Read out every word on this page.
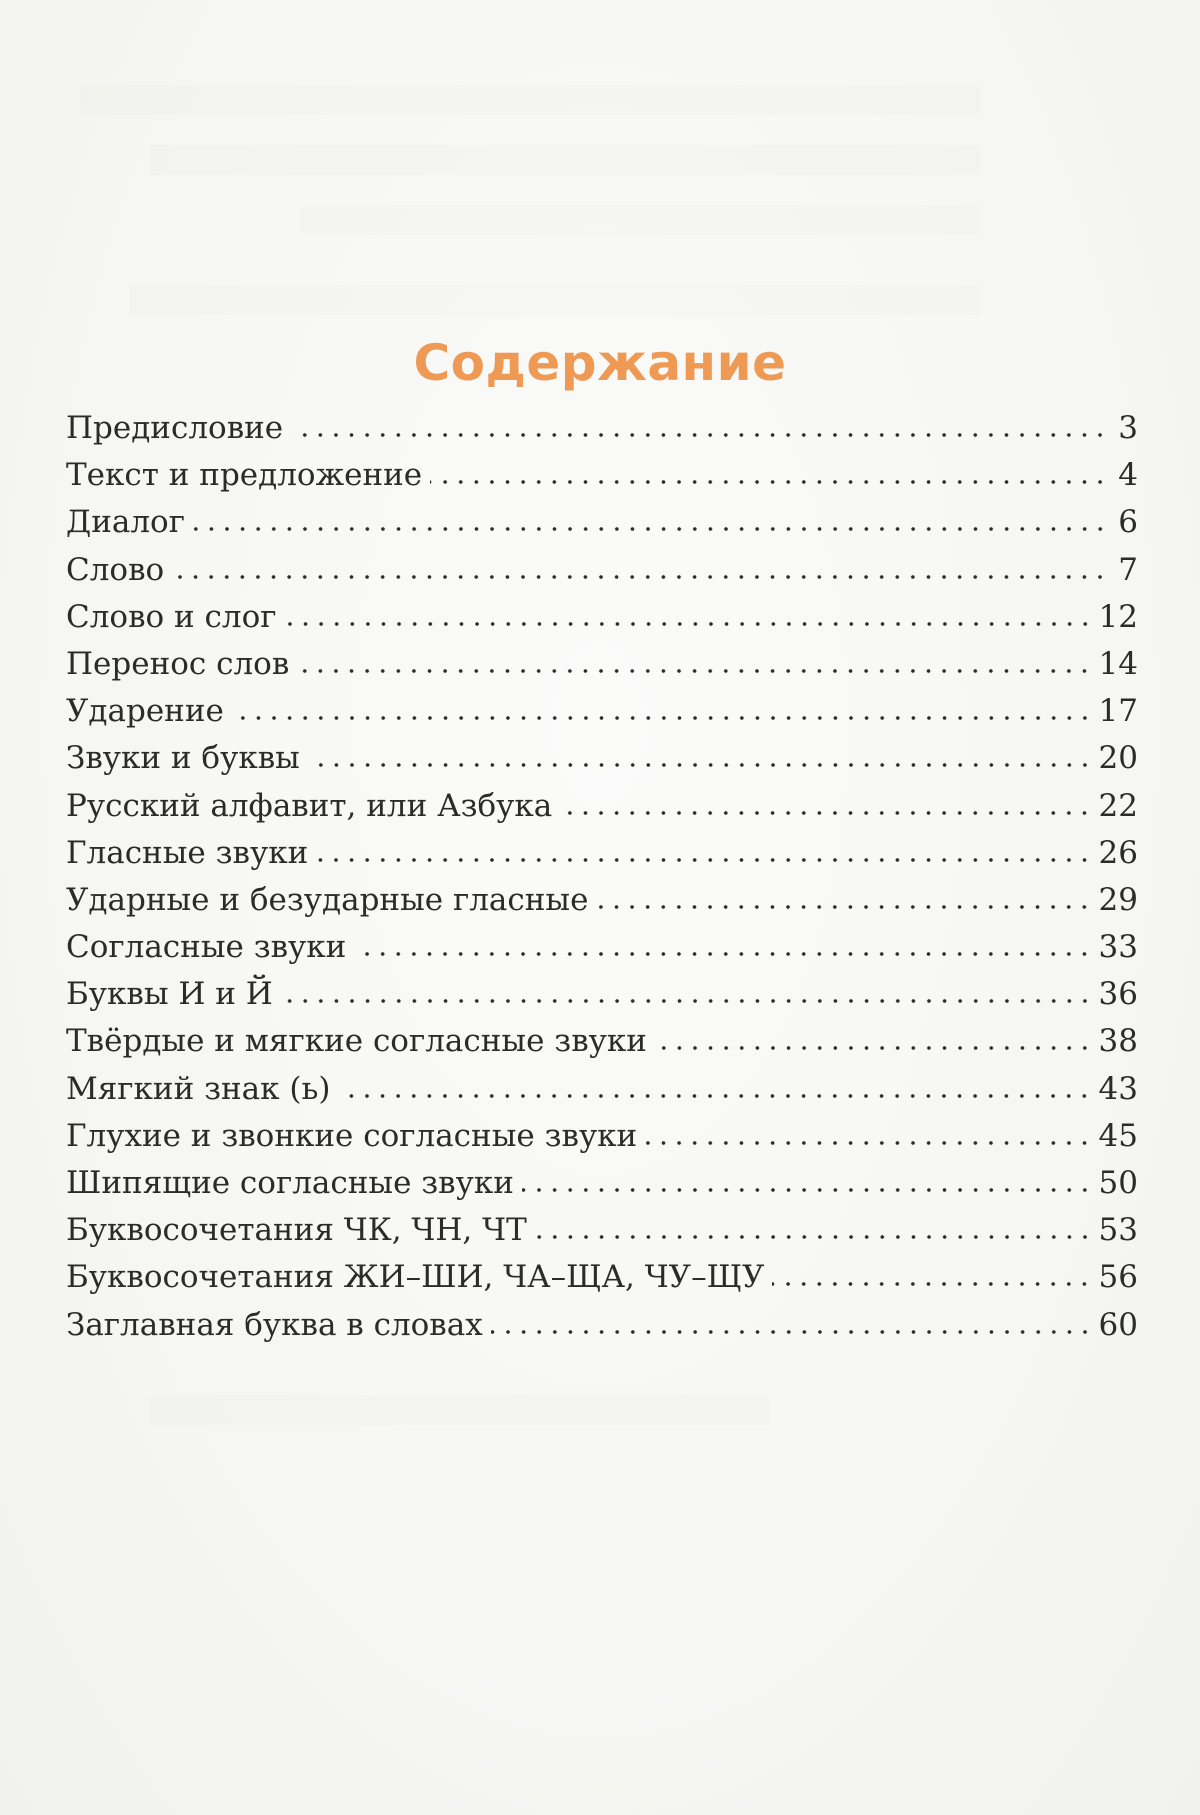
Содержание
Предисловие	3
Текст и предложение	4
Диалог	6
Слово	7
Слово и слог	12
Перенос слов	14
Ударение	17
Звуки и буквы	20
Русский алфавит, или Азбука	22
Гласные звуки	26
Ударные и безударные гласные	29
Согласные звуки	33
Буквы И и Й	36
Твёрдые и мягкие согласные звуки	38
Мягкий знак (ь)	43
Глухие и звонкие согласные звуки	45
Шипящие согласные звуки	50
Буквосочетания ЧК, ЧН, ЧТ	53
Буквосочетания ЖИ–ШИ, ЧА–ЩА, ЧУ–ЩУ	56
Заглавная буква в словах	60
